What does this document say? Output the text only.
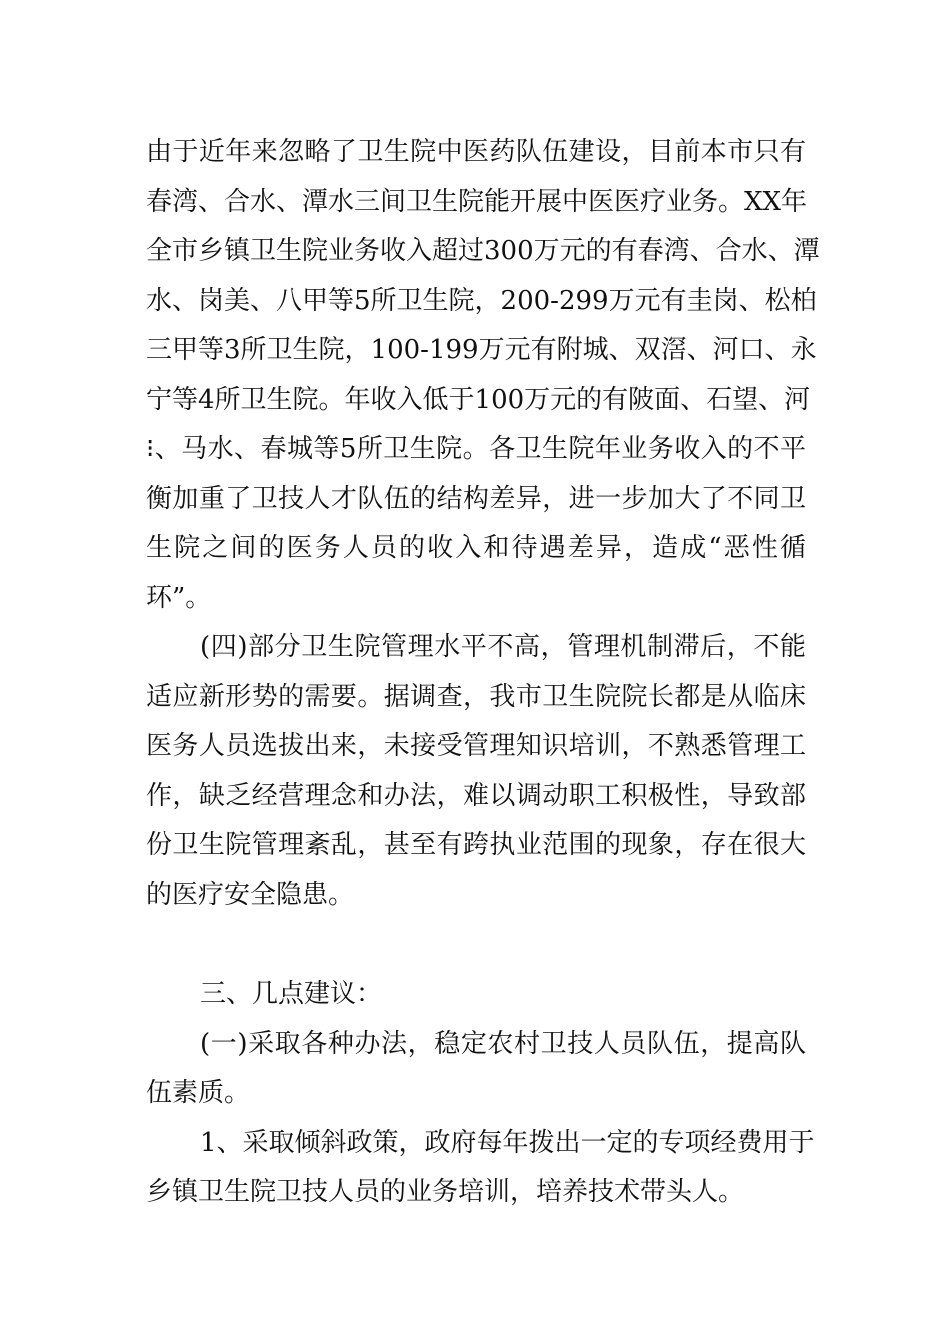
由于近年来忽略了卫生院中医药队伍建设，目前本市只有
春湾、合水、潭水三间卫生院能开展中医医疗业务。XX年
全市乡镇卫生院业务收入超过300万元的有春湾、合水、潭
水、岗美、八甲等5所卫生院，200-299万元有圭岗、松柏
三甲等3所卫生院，100-199万元有附城、双滘、河口、永
宁等4所卫生院。年收入低于100万元的有陂面、石望、河
⁝、马水、春城等5所卫生院。各卫生院年业务收入的不平
衡加重了卫技人才队伍的结构差异，进一步加大了不同卫
生院之间的医务人员的收入和待遇差异，造成“恶性循
环”。
(四)部分卫生院管理水平不高，管理机制滞后，不能
适应新形势的需要。据调查，我市卫生院院长都是从临床
医务人员选拔出来，未接受管理知识培训，不熟悉管理工
作，缺乏经营理念和办法，难以调动职工积极性，导致部
份卫生院管理紊乱，甚至有跨执业范围的现象，存在很大
的医疗安全隐患。
三、几点建议：
(一)采取各种办法，稳定农村卫技人员队伍，提高队
伍素质。
1、采取倾斜政策，政府每年拨出一定的专项经费用于
乡镇卫生院卫技人员的业务培训，培养技术带头人。
